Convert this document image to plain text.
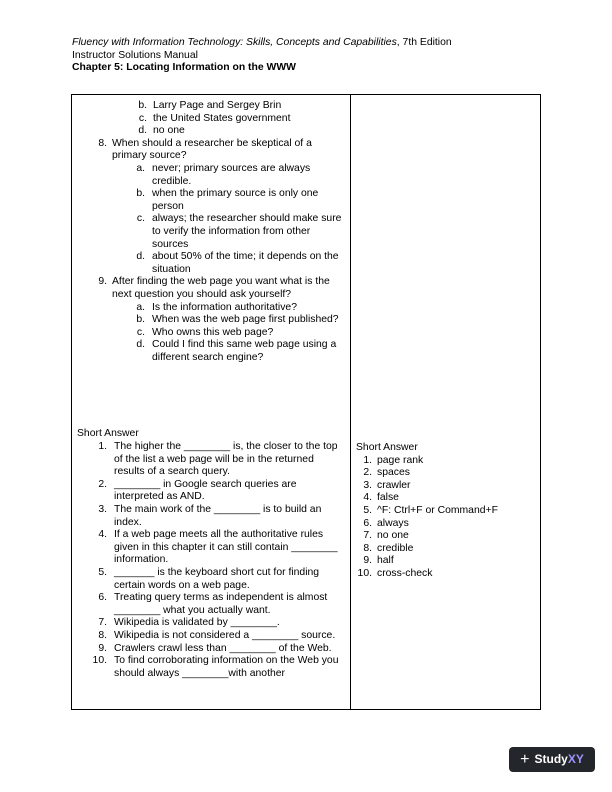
Fluency with Information Technology: Skills, Concepts and Capabilities, 7th Edition
Instructor Solutions Manual
Chapter 5: Locating Information on the WWW
b. Larry Page and Sergey Brin
c. the United States government
d. no one
8. When should a researcher be skeptical of a primary source?
a. never; primary sources are always credible.
b. when the primary source is only one person
c. always; the researcher should make sure to verify the information from other sources
d. about 50% of the time; it depends on the situation
9. After finding the web page you want what is the next question you should ask yourself?
a. Is the information authoritative?
b. When was the web page first published?
c. Who owns this web page?
d. Could I find this same web page using a different search engine?
Short Answer
1. The higher the ________ is, the closer to the top of the list a web page will be in the returned results of a search query.
2. ________ in Google search queries are interpreted as AND.
3. The main work of the ________ is to build an index.
4. If a web page meets all the authoritative rules given in this chapter it can still contain ________ information.
5. _______ is the keyboard short cut for finding certain words on a web page.
6. Treating query terms as independent is almost ________ what you actually want.
7. Wikipedia is validated by ________.
8. Wikipedia is not considered a ________ source.
9. Crawlers crawl less than ________ of the Web.
10. To find corroborating information on the Web you should always ________with another
Short Answer
1. page rank
2. spaces
3. crawler
4. false
5. ^F: Ctrl+F or Command+F
6. always
7. no one
8. credible
9. half
10. cross-check
+ Study XY
